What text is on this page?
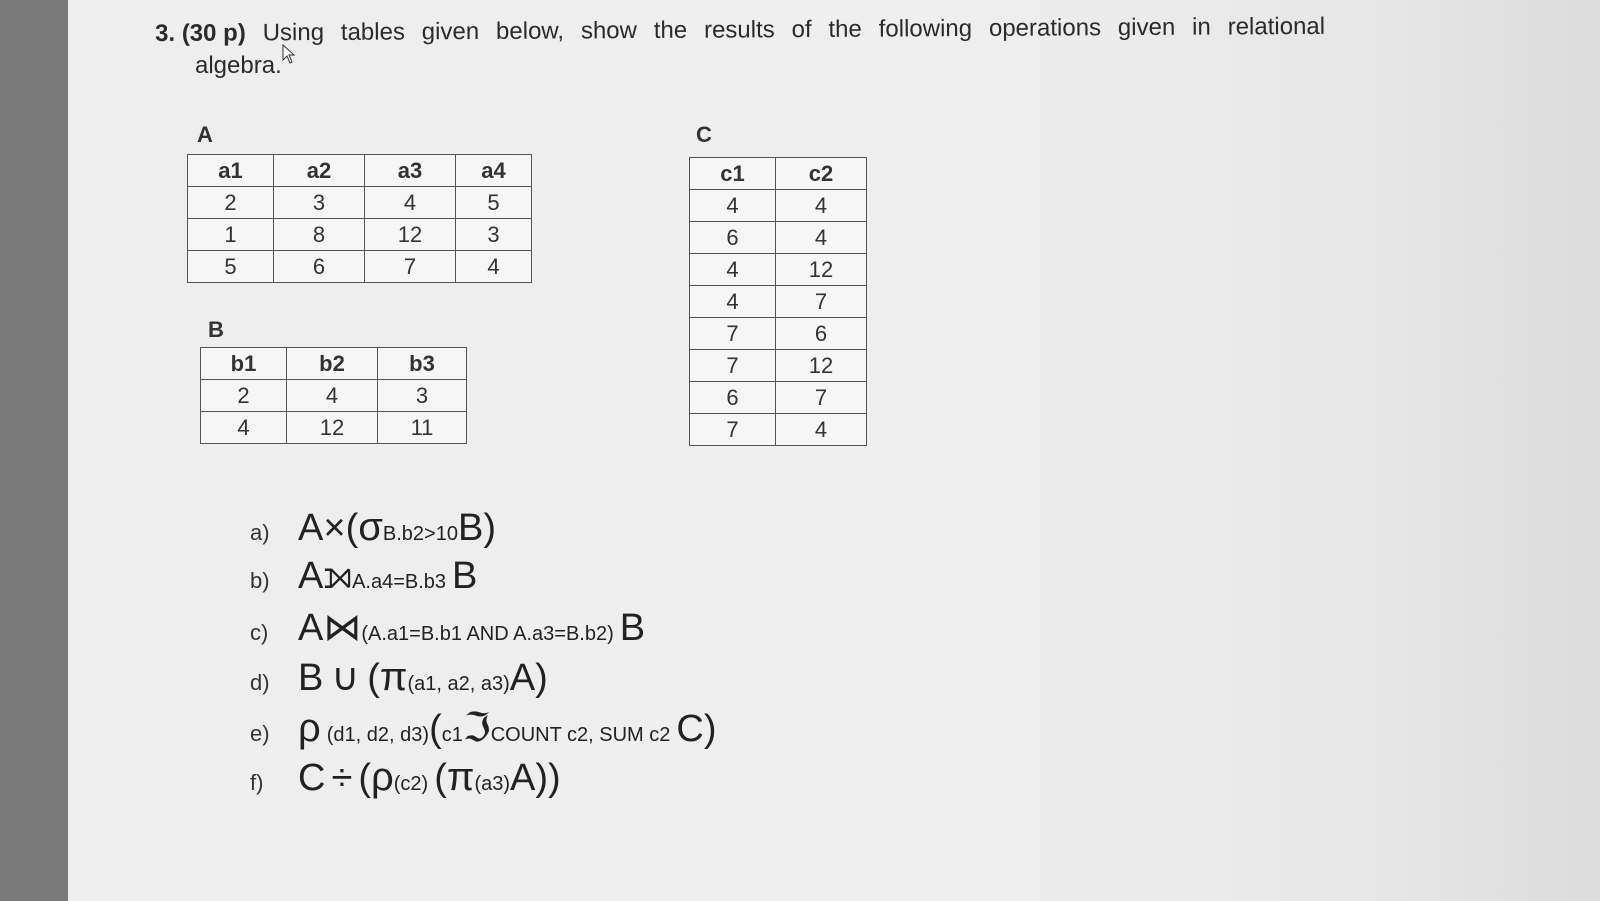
3. (30 p) Using tables given below, show the results of the following operations given in relational
algebra.
A
a1	a2	a3	a4
2	3	4	5
1	8	12	3
5	6	7	4
B
b1	b2	b3
2	4	3
4	12	11
C
c1	c2
4	4
6	4
4	12
4	7
7	6
7	12
6	7
7	4
a) A × ( σ B.b2>10 B )
b) A ⟕ A.a4=B.b3 B
c) A ⋈ (A.a1=B.b1 AND A.a3=B.b2) B
d) B ∪ ( π (a1, a2, a3) A )
e) ρ (d1, d2, d3) ( c1 ℑ COUNT c2, SUM c2 C )
f) C ÷ ( ρ (c2) ( π (a3) A ))
